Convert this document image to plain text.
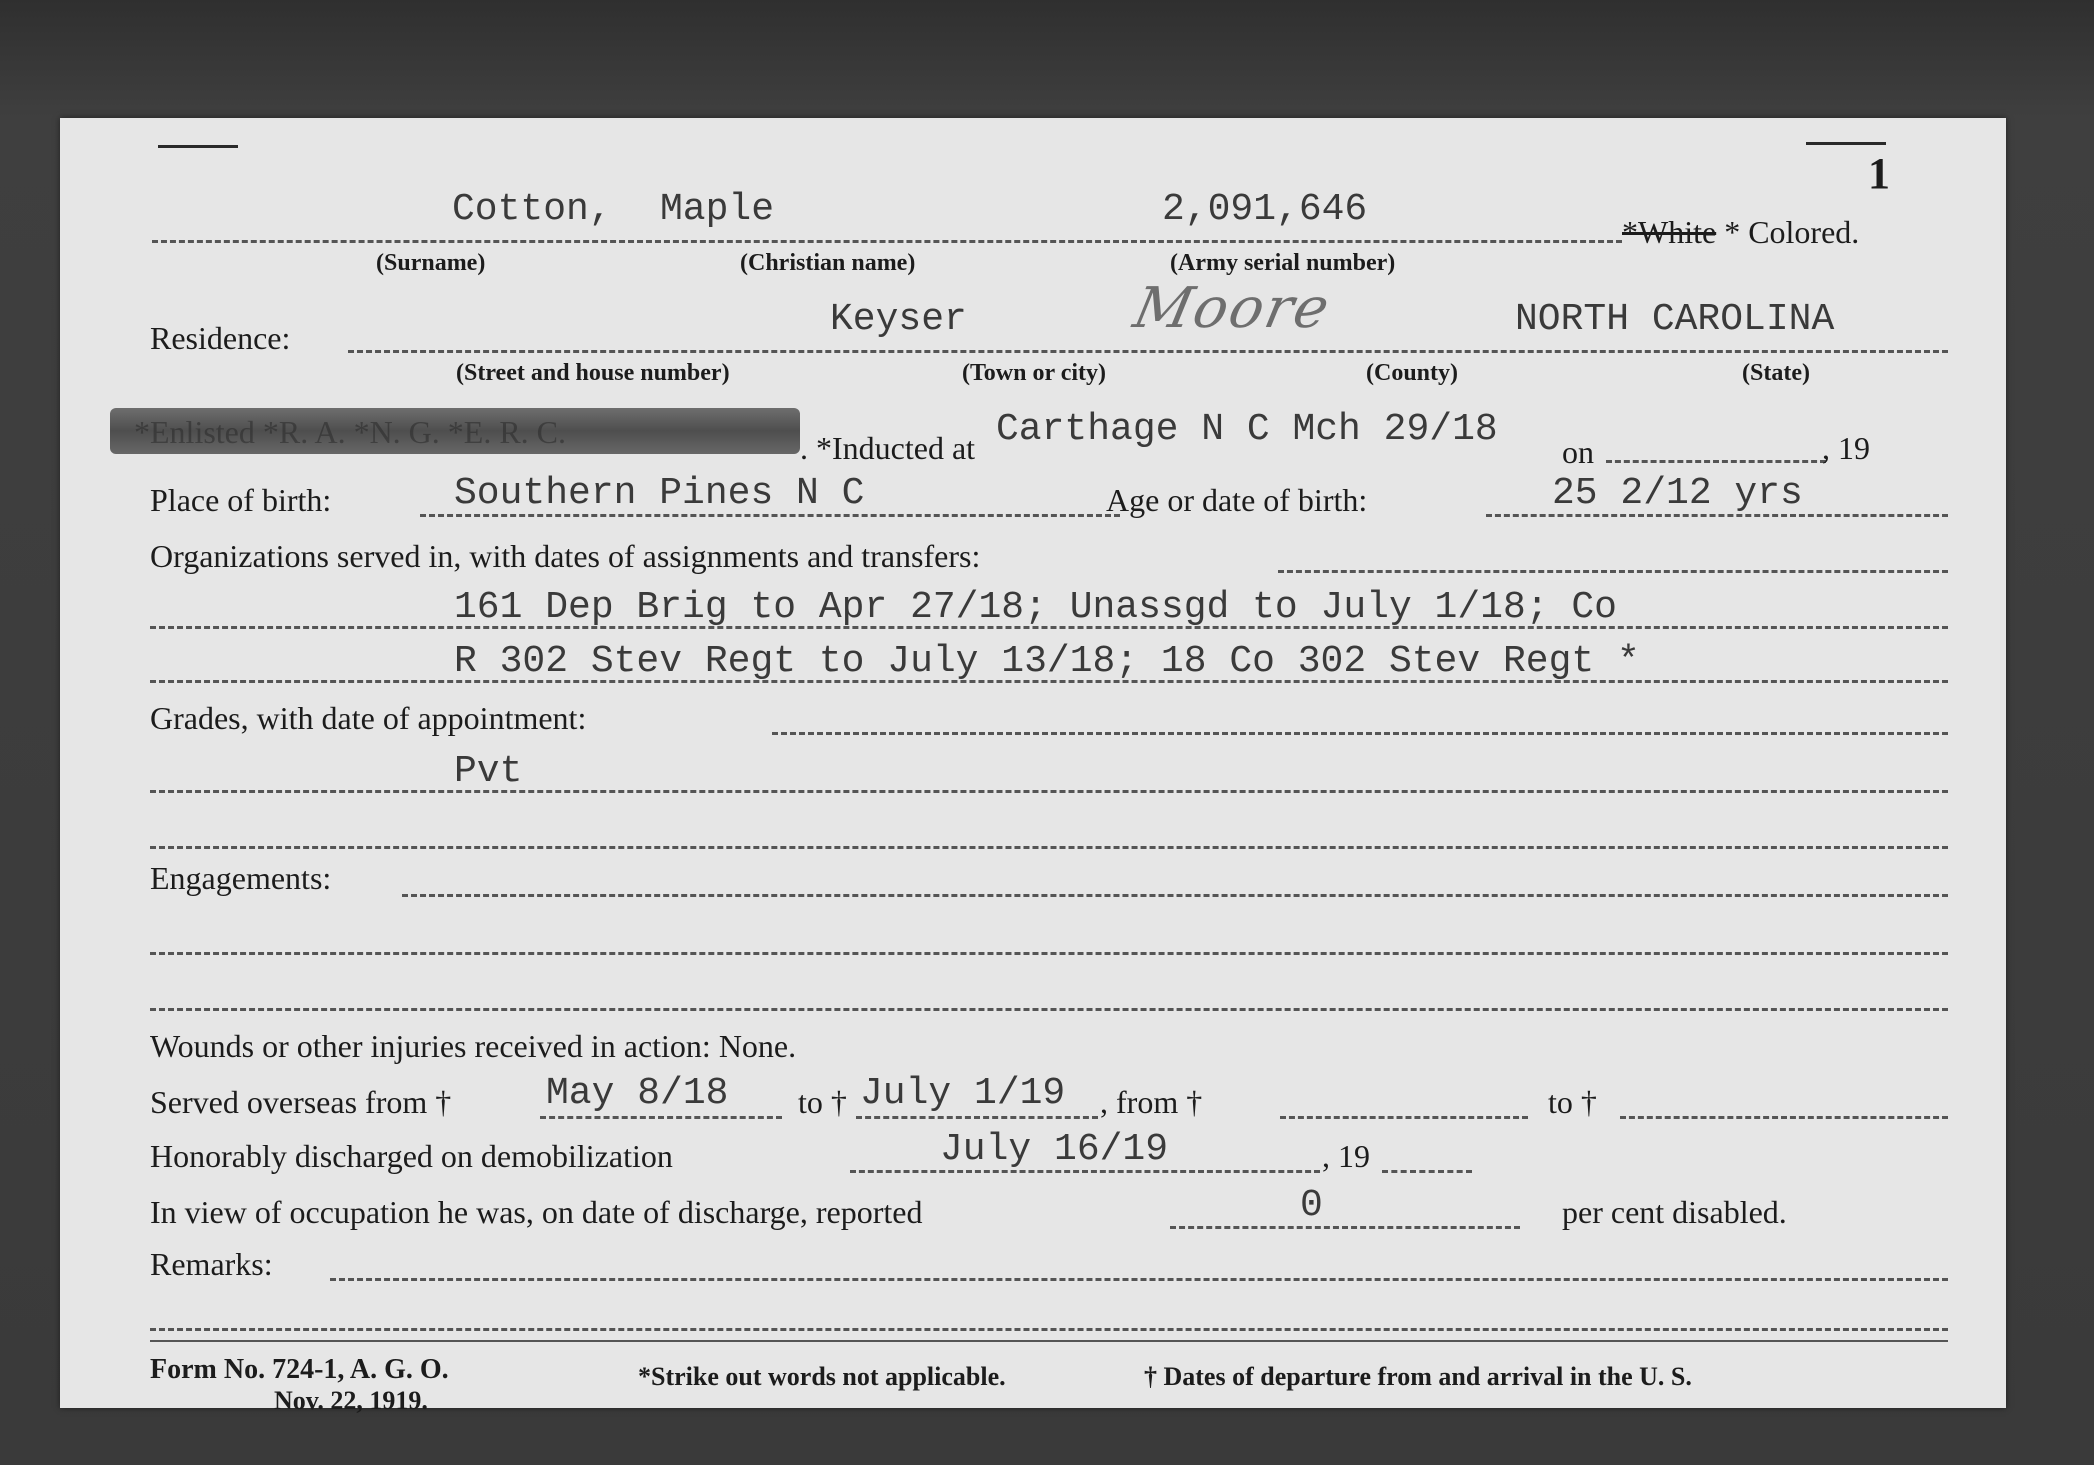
1
Cotton, Maple	2,091,646
*White * Colored.
(Surname)	(Christian name)	(Army serial number)
Residence:	Keyser	Moore	NORTH CAROLINA
(Street and house number)	(Town or city)	(County)	(State)
*Enlisted *R. A. *N. G. *E. R. C.	. *Inducted at Carthage N C Mch 29/18
on	, 19
Place of birth:	Southern Pines N C	Age or date of birth:	25 2/12 yrs
Organizations served in, with dates of assignments and transfers:
161 Dep Brig to Apr 27/18; Unassgd to July 1/18; Co
R 302 Stev Regt to July 13/18; 18 Co 302 Stev Regt *
Grades, with date of appointment:
Pvt
Engagements:
Wounds or other injuries received in action: None.
Served overseas from † May 8/18 to † July 1/19 , from †	to †
Honorably discharged on demobilization	July 16/19	, 19
In view of occupation he was, on date of discharge, reported	0	per cent disabled.
Remarks:
Form No. 724-1, A. G. O.
Nov. 22, 1919.
*Strike out words not applicable.	† Dates of departure from and arrival in the U. S.
